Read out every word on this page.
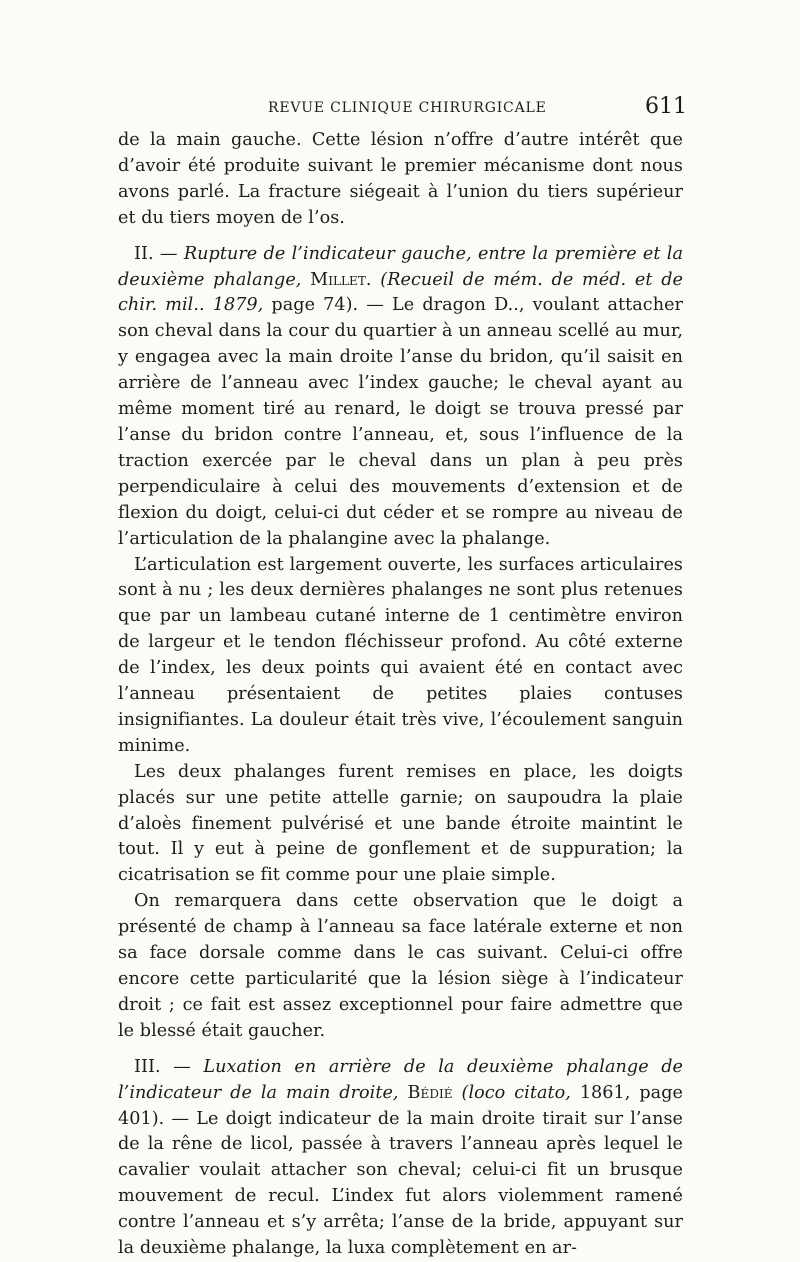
REVUE CLINIQUE CHIRURGICALE	611

de la main gauche. Cette lésion n’offre d’autre intérêt que d’avoir été produite suivant le premier mécanisme dont nous avons parlé. La fracture siégeait à l’union du tiers supérieur et du tiers moyen de l’os.

II. — Rupture de l’indicateur gauche, entre la première et la deuxième phalange, Millet. (Recueil de mém. de méd. et de chir. mil.. 1879, page 74). — Le dragon D.., voulant attacher son cheval dans la cour du quartier à un anneau scellé au mur, y engagea avec la main droite l’anse du bridon, qu’il saisit en arrière de l’anneau avec l’index gauche; le cheval ayant au même moment tiré au renard, le doigt se trouva pressé par l’anse du bridon contre l’anneau, et, sous l’influence de la traction exercée par le cheval dans un plan à peu près perpendiculaire à celui des mouvements d’extension et de flexion du doigt, celui-ci dut céder et se rompre au niveau de l’articulation de la phalangine avec la phalange.

L’articulation est largement ouverte, les surfaces articulaires sont à nu ; les deux dernières phalanges ne sont plus retenues que par un lambeau cutané interne de 1 centimètre environ de largeur et le tendon fléchisseur profond. Au côté externe de l’index, les deux points qui avaient été en contact avec l’anneau présentaient de petites plaies contuses insignifiantes. La douleur était très vive, l’écoulement sanguin minime.

Les deux phalanges furent remises en place, les doigts placés sur une petite attelle garnie; on saupoudra la plaie d’aloès finement pulvérisé et une bande étroite maintint le tout. Il y eut à peine de gonflement et de suppuration; la cicatrisation se fit comme pour une plaie simple.

On remarquera dans cette observation que le doigt a présenté de champ à l’anneau sa face latérale externe et non sa face dorsale comme dans le cas suivant. Celui-ci offre encore cette particularité que la lésion siège à l’indicateur droit ; ce fait est assez exceptionnel pour faire admettre que le blessé était gaucher.

III. — Luxation en arrière de la deuxième phalange de l’indicateur de la main droite, Bédié (loco citato, 1861, page 401). — Le doigt indicateur de la main droite tirait sur l’anse de la rêne de licol, passée à travers l’anneau après lequel le cavalier voulait attacher son cheval; celui-ci fit un brusque mouvement de recul. L’index fut alors violemment ramené contre l’anneau et s’y arrêta; l’anse de la bride, appuyant sur la deuxième phalange, la luxa complètement en ar-
